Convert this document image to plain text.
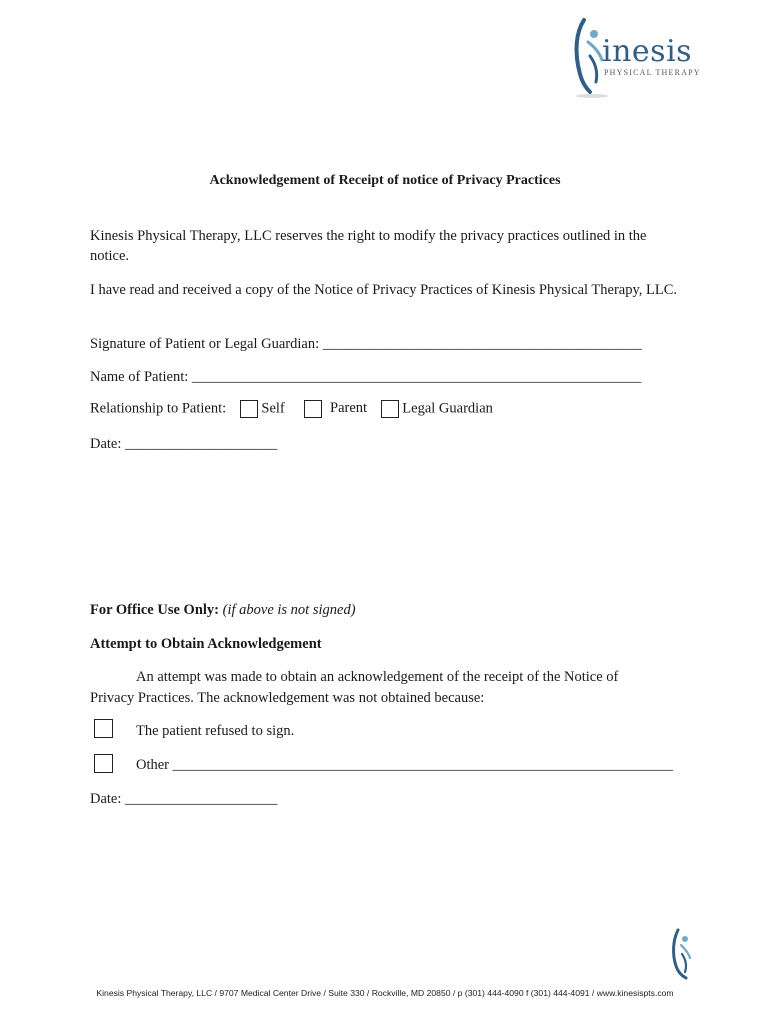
inesis
PHYSICAL THERAPY
Acknowledgement of Receipt of notice of Privacy Practices
Kinesis Physical Therapy, LLC reserves the right to modify the privacy practices outlined in the notice.
I have read and received a copy of the Notice of Privacy Practices of Kinesis Physical Therapy, LLC.
Signature of Patient or Legal Guardian: ____________________________________________
Name of Patient: ______________________________________________________________
Relationship to Patient: Self	Parent Legal Guardian
Date: _____________________
For Office Use Only: (if above is not signed)
Attempt to Obtain Acknowledgement
An attempt was made to obtain an acknowledgement of the receipt of the Notice of
Privacy Practices. The acknowledgement was not obtained because:
The patient refused to sign.
Other _____________________________________________________________________
Date: _____________________
Kinesis Physical Therapy, LLC / 9707 Medical Center Drive / Suite 330 / Rockville, MD 20850 / p (301) 444-4090 f (301) 444-4091 / www.kinesispts.com
